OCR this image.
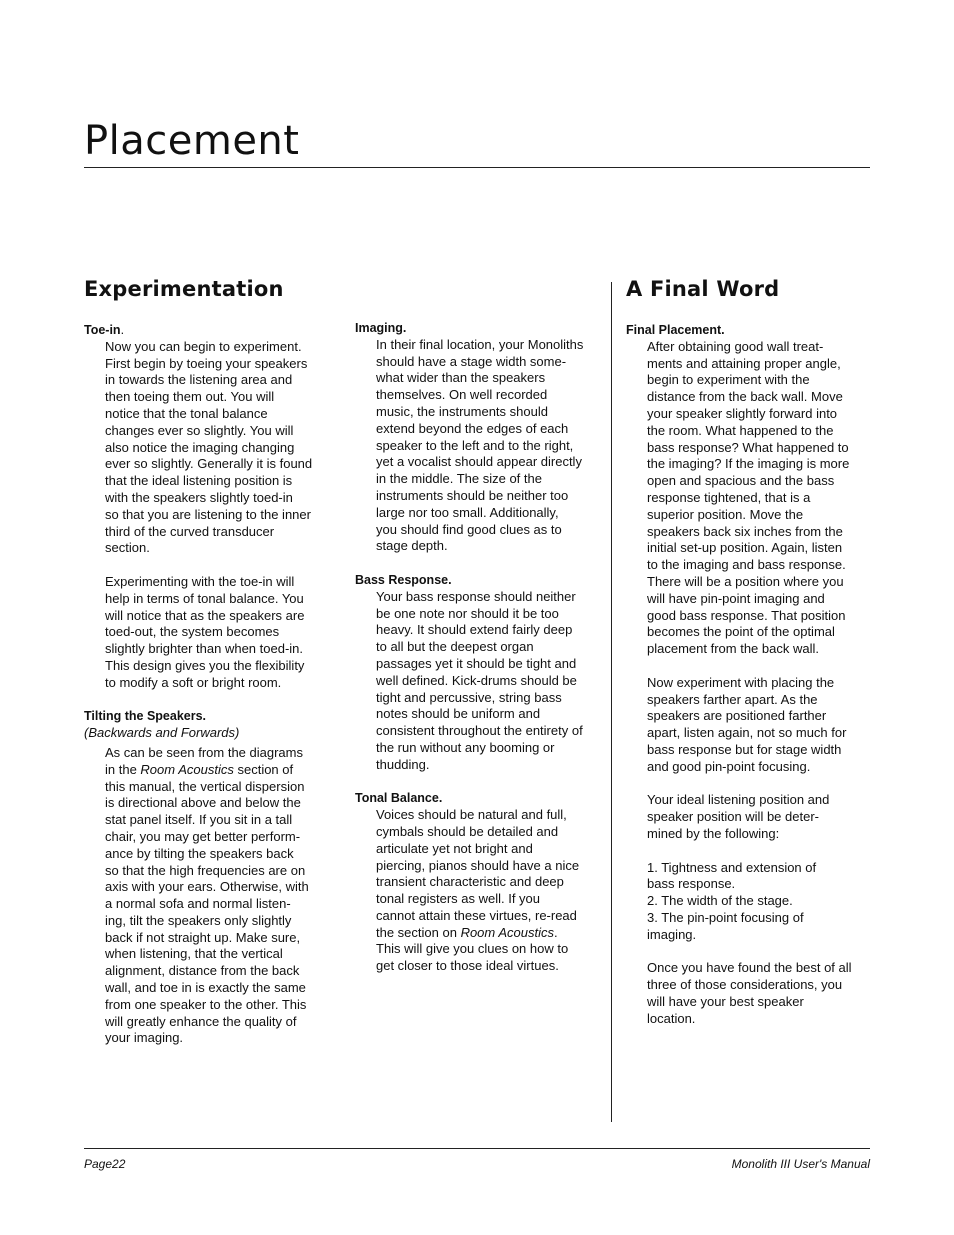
Placement
Experimentation

Toe-in.

Now you can begin to experiment.
First begin by toeing your speakers
in towards the listening area and
then toeing them out. You will
notice that the tonal balance
changes ever so slightly. You will
also notice the imaging changing
ever so slightly. Generally it is found
that the ideal listening position is
with the speakers slightly toed-in
so that you are listening to the inner
third of the curved transducer
section.

Experimenting with the toe-in will
help in terms of tonal balance. You
will notice that as the speakers are
toed-out, the system becomes
slightly brighter than when toed-in.
This design gives you the flexibility
to modify a soft or bright room.

Tilting the Speakers.

(Backwards and Forwards)

As can be seen from the diagrams
in the Room Acoustics section of
this manual, the vertical dispersion
is directional above and below the
stat panel itself. If you sit in a tall
chair, you may get better perform-
ance by tilting the speakers back
so that the high frequencies are on
axis with your ears. Otherwise, with
a normal sofa and normal listen-
ing, tilt the speakers only slightly
back if not straight up. Make sure,
when listening, that the vertical
alignment, distance from the back
wall, and toe in is exactly the same
from one speaker to the other. This
will greatly enhance the quality of
your imaging.

Imaging.

In their final location, your Monoliths
should have a stage width some-
what wider than the speakers
themselves. On well recorded
music, the instruments should
extend beyond the edges of each
speaker to the left and to the right,
yet a vocalist should appear directly
in the middle. The size of the
instruments should be neither too
large nor too small. Additionally,
you should find good clues as to
stage depth.

Bass Response.

Your bass response should neither
be one note nor should it be too
heavy. It should extend fairly deep
to all but the deepest organ
passages yet it should be tight and
well defined. Kick-drums should be
tight and percussive, string bass
notes should be uniform and
consistent throughout the entirety of
the run without any booming or
thudding.

Tonal Balance.

Voices should be natural and full,
cymbals should be detailed and
articulate yet not bright and
piercing, pianos should have a nice
transient characteristic and deep
tonal registers as well. If you
cannot attain these virtues, re-read
the section on Room Acoustics.
This will give you clues on how to
get closer to those ideal virtues.

A Final Word

Final Placement.

After obtaining good wall treat-
ments and attaining proper angle,
begin to experiment with the
distance from the back wall. Move
your speaker slightly forward into
the room. What happened to the
bass response? What happened to
the imaging? If the imaging is more
open and spacious and the bass
response tightened, that is a
superior position. Move the
speakers back six inches from the
initial set-up position. Again, listen
to the imaging and bass response.
There will be a position where you
will have pin-point imaging and
good bass response. That position
becomes the point of the optimal
placement from the back wall.

Now experiment with placing the
speakers farther apart. As the
speakers are positioned farther
apart, listen again, not so much for
bass response but for stage width
and good pin-point focusing.

Your ideal listening position and
speaker position will be deter-
mined by the following:

1. Tightness and extension of
bass response.

2. The width of the stage.

3. The pin-point focusing of
imaging.

Once you have found the best of all
three of those considerations, you
will have your best speaker
location.

Page22	Monolith III User's Manual
